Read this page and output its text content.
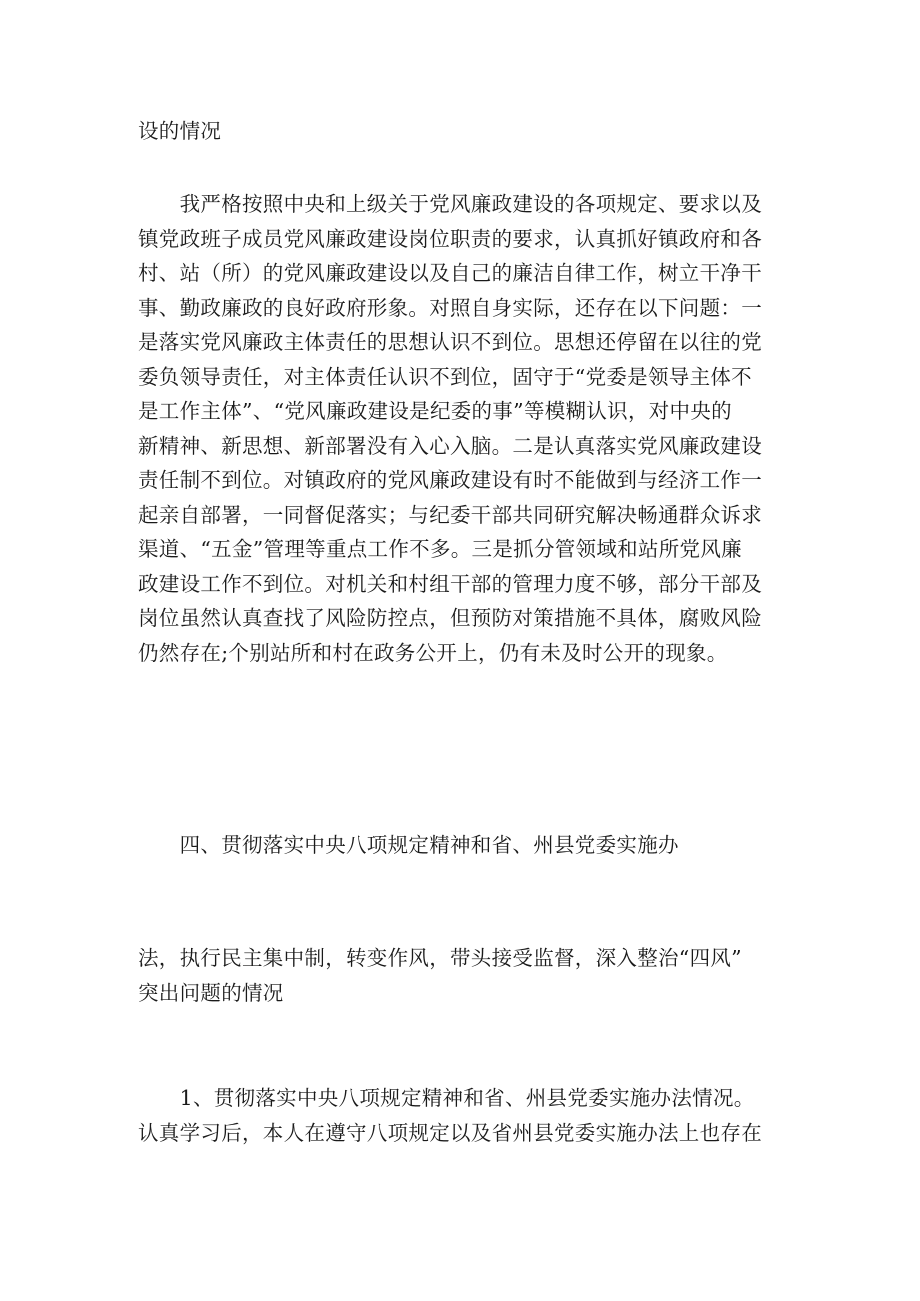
设的情况
　　我严格按照中央和上级关于党风廉政建设的各项规定、要求以及
镇党政班子成员党风廉政建设岗位职责的要求，认真抓好镇政府和各
村、站（所）的党风廉政建设以及自己的廉洁自律工作，树立干净干
事、勤政廉政的良好政府形象。对照自身实际，还存在以下问题：一
是落实党风廉政主体责任的思想认识不到位。思想还停留在以往的党
委负领导责任，对主体责任认识不到位，固守于“党委是领导主体不
是工作主体”、“党风廉政建设是纪委的事”等模糊认识，对中央的
新精神、新思想、新部署没有入心入脑。二是认真落实党风廉政建设
责任制不到位。对镇政府的党风廉政建设有时不能做到与经济工作一
起亲自部署，一同督促落实；与纪委干部共同研究解决畅通群众诉求
渠道、“五金”管理等重点工作不多。三是抓分管领域和站所党风廉
政建设工作不到位。对机关和村组干部的管理力度不够，部分干部及
岗位虽然认真查找了风险防控点，但预防对策措施不具体，腐败风险
仍然存在;个别站所和村在政务公开上，仍有未及时公开的现象。
　　四、贯彻落实中央八项规定精神和省、州县党委实施办
法，执行民主集中制，转变作风，带头接受监督，深入整治“四风”
突出问题的情况
　　1、贯彻落实中央八项规定精神和省、州县党委实施办法情况。
认真学习后，本人在遵守八项规定以及省州县党委实施办法上也存在
